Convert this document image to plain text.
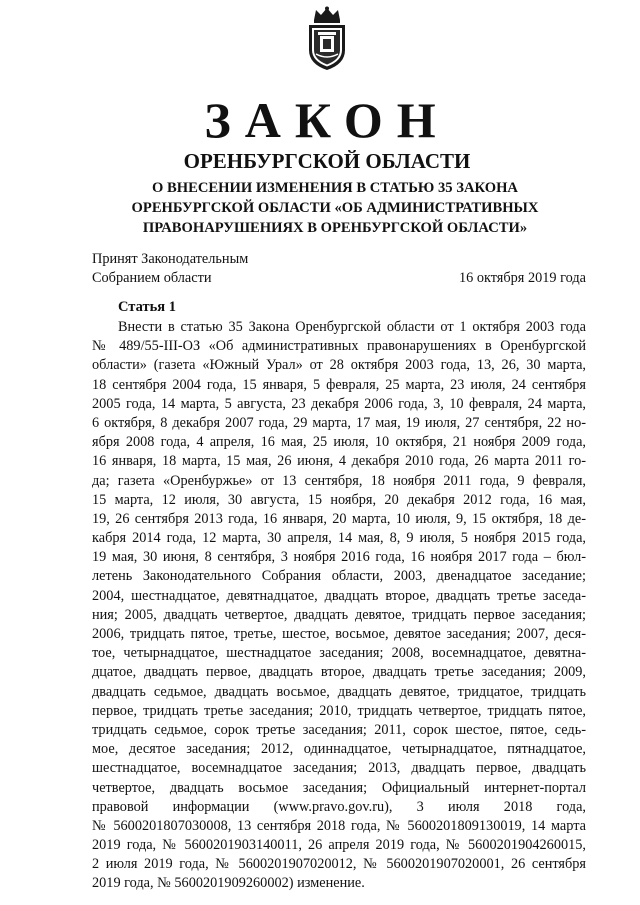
ЗАКОН
ОРЕНБУРГСКОЙ ОБЛАСТИ
О ВНЕСЕНИИ ИЗМЕНЕНИЯ В СТАТЬЮ 35 ЗАКОНА
ОРЕНБУРГСКОЙ ОБЛАСТИ «ОБ АДМИНИСТРАТИВНЫХ
ПРАВОНАРУШЕНИЯХ В ОРЕНБУРГСКОЙ ОБЛАСТИ»
Принят Законодательным
Собранием области	16 октября 2019 года
Статья 1
Внести в статью 35 Закона Оренбургской области от 1 октября 2003 года
№ 489/55-III-ОЗ «Об административных правонарушениях в Оренбургской
области» (газета «Южный Урал» от 28 октября 2003 года, 13, 26, 30 марта,
18 сентября 2004 года, 15 января, 5 февраля, 25 марта, 23 июля, 24 сентября
2005 года, 14 марта, 5 августа, 23 декабря 2006 года, 3, 10 февраля, 24 марта,
6 октября, 8 декабря 2007 года, 29 марта, 17 мая, 19 июля, 27 сентября, 22 но-
ября 2008 года, 4 апреля, 16 мая, 25 июля, 10 октября, 21 ноября 2009 года,
16 января, 18 марта, 15 мая, 26 июня, 4 декабря 2010 года, 26 марта 2011 го-
да; газета «Оренбуржье» от 13 сентября, 18 ноября 2011 года, 9 февраля,
15 марта, 12 июля, 30 августа, 15 ноября, 20 декабря 2012 года, 16 мая,
19, 26 сентября 2013 года, 16 января, 20 марта, 10 июля, 9, 15 октября, 18 де-
кабря 2014 года, 12 марта, 30 апреля, 14 мая, 8, 9 июля, 5 ноября 2015 года,
19 мая, 30 июня, 8 сентября, 3 ноября 2016 года, 16 ноября 2017 года – бюл-
летень Законодательного Собрания области, 2003, двенадцатое заседание;
2004, шестнадцатое, девятнадцатое, двадцать второе, двадцать третье заседа-
ния; 2005, двадцать четвертое, двадцать девятое, тридцать первое заседания;
2006, тридцать пятое, третье, шестое, восьмое, девятое заседания; 2007, деся-
тое, четырнадцатое, шестнадцатое заседания; 2008, восемнадцатое, девятна-
дцатое, двадцать первое, двадцать второе, двадцать третье заседания; 2009,
двадцать седьмое, двадцать восьмое, двадцать девятое, тридцатое, тридцать
первое, тридцать третье заседания; 2010, тридцать четвертое, тридцать пятое,
тридцать седьмое, сорок третье заседания; 2011, сорок шестое, пятое, седь-
мое, десятое заседания; 2012, одиннадцатое, четырнадцатое, пятнадцатое,
шестнадцатое, восемнадцатое заседания; 2013, двадцать первое, двадцать
четвертое, двадцать восьмое заседания; Официальный интернет-портал
правовой информации (www.pravo.gov.ru), 3 июля 2018 года,
№ 5600201807030008, 13 сентября 2018 года, № 5600201809130019, 14 марта
2019 года, № 5600201903140011, 26 апреля 2019 года, № 5600201904260015,
2 июля 2019 года, № 5600201907020012, № 5600201907020001, 26 сентября
2019 года, № 5600201909260002) изменение.
